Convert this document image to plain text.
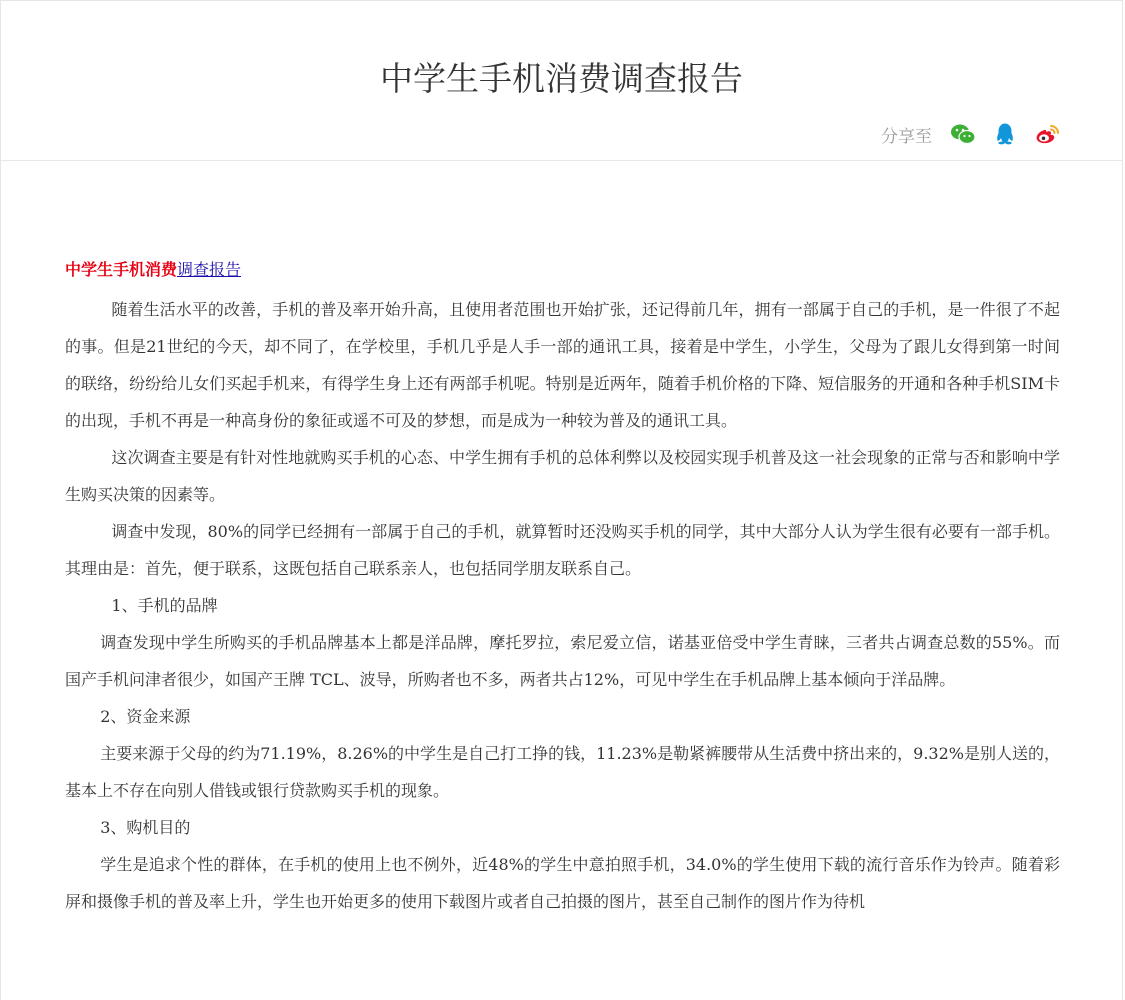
中学生手机消费调查报告
分享至

中学生手机消费调查报告

随着生活水平的改善，手机的普及率开始升高，且使用者范围也开始扩张，还记得前几年，拥有一部属于自己的手机，是一件很了不起的事。但是21世纪的今天，却不同了，在学校里，手机几乎是人手一部的通讯工具，接着是中学生，小学生，父母为了跟儿女得到第一时间的联络，纷纷给儿女们买起手机来，有得学生身上还有两部手机呢。特别是近两年，随着手机价格的下降、短信服务的开通和各种手机SIM卡的出现，手机不再是一种高身份的象征或遥不可及的梦想，而是成为一种较为普及的通讯工具。

这次调查主要是有针对性地就购买手机的心态、中学生拥有手机的总体利弊以及校园实现手机普及这一社会现象的正常与否和影响中学生购买决策的因素等。

调查中发现，80%的同学已经拥有一部属于自己的手机，就算暂时还没购买手机的同学，其中大部分人认为学生很有必要有一部手机。其理由是：首先，便于联系，这既包括自己联系亲人，也包括同学朋友联系自己。

1、手机的品牌

调查发现中学生所购买的手机品牌基本上都是洋品牌，摩托罗拉，索尼爱立信，诺基亚倍受中学生青睐，三者共占调查总数的55%。而国产手机问津者很少，如国产王牌 TCL、波导，所购者也不多，两者共占12%，可见中学生在手机品牌上基本倾向于洋品牌。

2、资金来源

主要来源于父母的约为71.19%，8.26%的中学生是自己打工挣的钱，11.23%是勒紧裤腰带从生活费中挤出来的，9.32%是别人送的，基本上不存在向别人借钱或银行贷款购买手机的现象。

3、购机目的

学生是追求个性的群体，在手机的使用上也不例外，近48%的学生中意拍照手机，34.0%的学生使用下载的流行音乐作为铃声。随着彩屏和摄像手机的普及率上升，学生也开始更多的使用下载图片或者自己拍摄的图片，甚至自己制作的图片作为待机
